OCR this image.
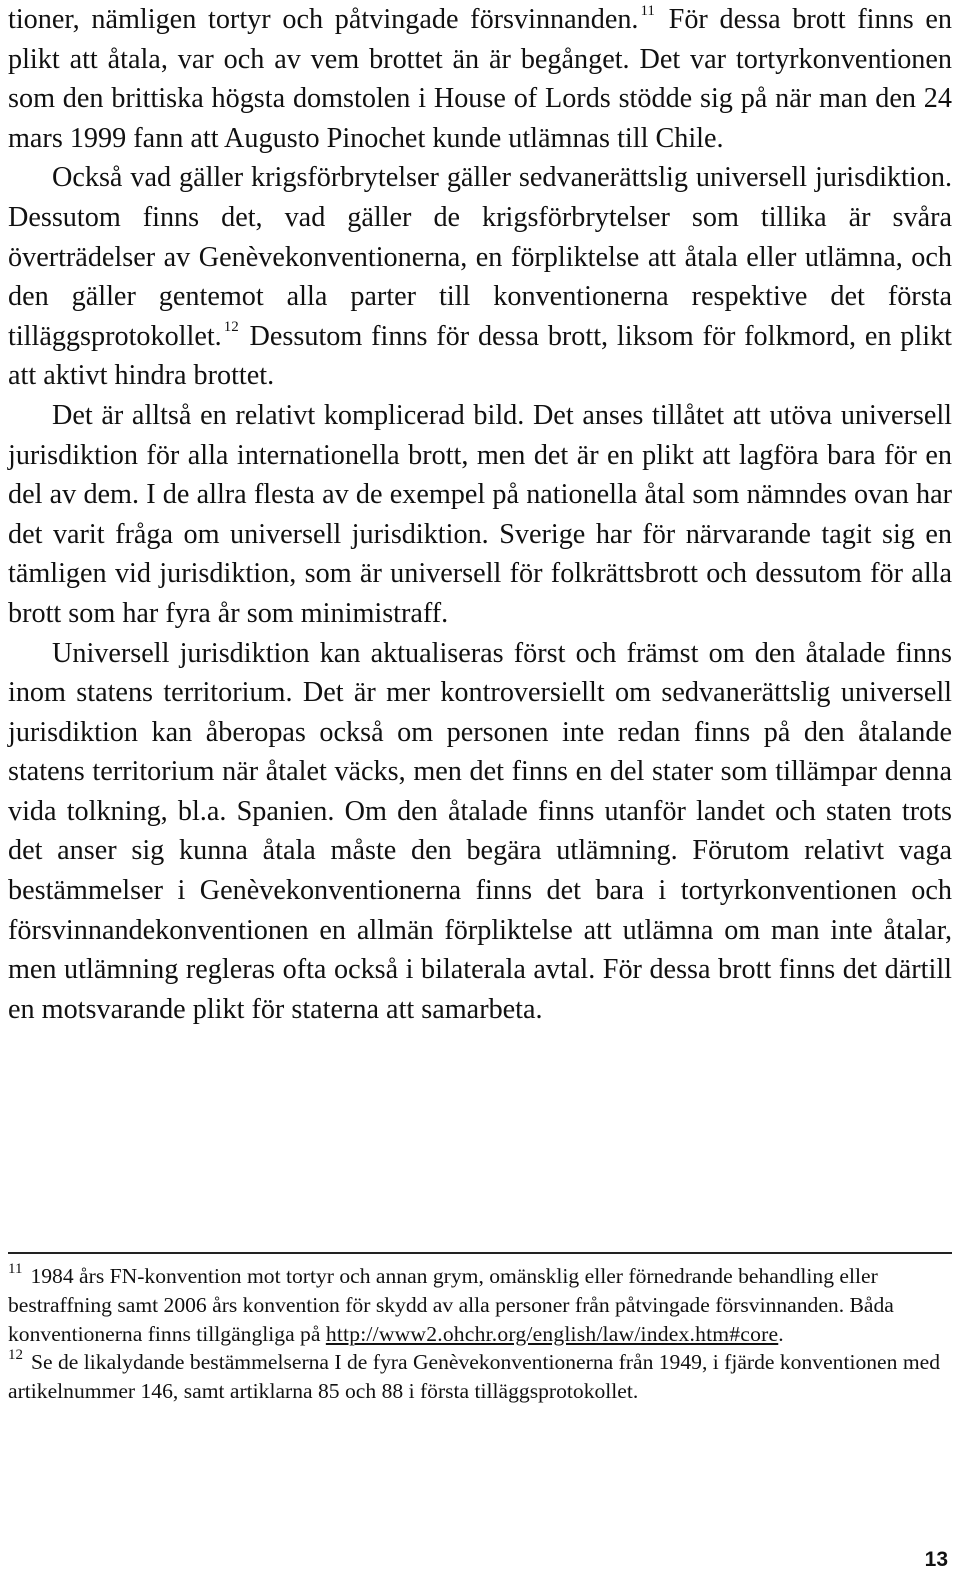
tioner, nämligen tortyr och påtvingade försvinnanden. $^{11}$ För dessa brott finns en plikt att åtala, var och av vem brottet än är begånget. Det var tortyrkonventionen som den brittiska högsta domstolen i House of Lords stödde sig på när man den 24 mars 1999 fann att Augusto Pinochet kunde utlämnas till Chile.

Också vad gäller krigsförbrytelser gäller sedvanerättslig universell jurisdiktion. Dessutom finns det, vad gäller de krigsförbrytelser som tillika är svåra överträdelser av Genèvekonventionerna, en förpliktelse att åtala eller utlämna, och den gäller gentemot alla parter till konventionerna respektive det första tilläggsprotokollet. $^{12}$ Dessutom finns för dessa brott, liksom för folkmord, en plikt att aktivt hindra brottet.

Det är alltså en relativt komplicerad bild. Det anses tillåtet att utöva universell jurisdiktion för alla internationella brott, men det är en plikt att lagföra bara för en del av dem. I de allra flesta av de exempel på nationella åtal som nämndes ovan har det varit fråga om universell jurisdiktion. Sverige har för närvarande tagit sig en tämligen vid jurisdiktion, som är universell för folkrättsbrott och dessutom för alla brott som har fyra år som minimistraff.

Universell jurisdiktion kan aktualiseras först och främst om den åtalade finns inom statens territorium. Det är mer kontroversiellt om sedvanerättslig universell jurisdiktion kan åberopas också om personen inte redan finns på den åtalande statens territorium när åtalet väcks, men det finns en del stater som tillämpar denna vida tolkning, bl.a. Spanien. Om den åtalade finns utanför landet och staten trots det anser sig kunna åtala måste den begära utlämning. Förutom relativt vaga bestämmelser i Genèvekonventionerna finns det bara i tortyrkonventionen och försvinnandekonventionen en allmän förpliktelse att utlämna om man inte åtalar, men utlämning regleras ofta också i bilaterala avtal. För dessa brott finns det därtill en motsvarande plikt för staterna att samarbeta.

$^{11}$ 1984 års FN-konvention mot tortyr och annan grym, omänsklig eller förnedrande behandling eller bestraffning samt 2006 års konvention för skydd av alla personer från påtvingade försvinnanden. Båda konventionerna finns tillgängliga på http://www2.ohchr.org/english/law/index.htm#core.

$^{12}$ Se de likalydande bestämmelserna I de fyra Genèvekonventionerna från 1949, i fjärde konventionen med artikelnummer 146, samt artiklarna 85 och 88 i första tilläggsprotokollet.

13
